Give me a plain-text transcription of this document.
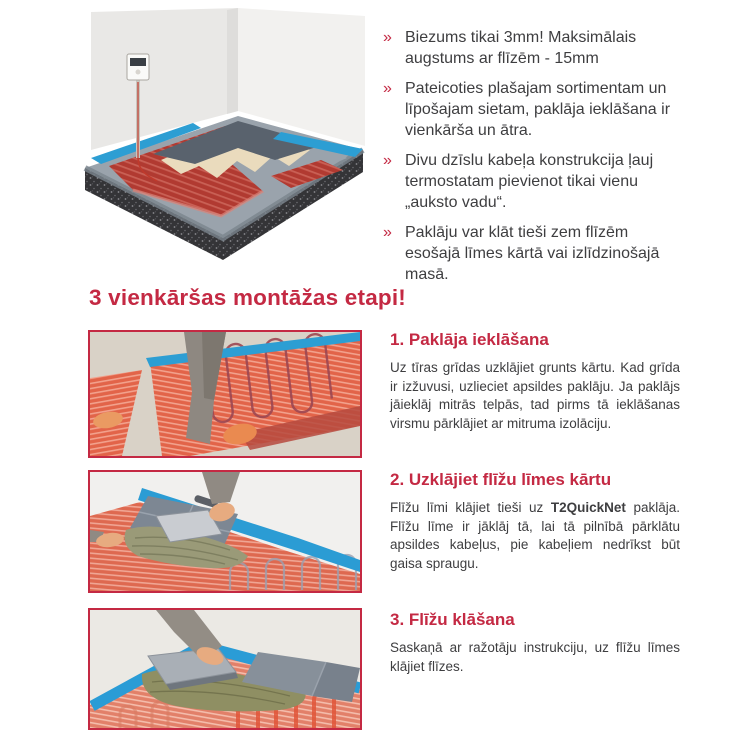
» Biezums tikai 3mm! Maksimālais augstums ar flīzēm - 15mm
» Pateicoties plašajam sortimentam un līpošajam sietam, paklāja ieklāšana ir vienkārša un ātra.
» Divu dzīslu kabeļa konstrukcija ļauj termostatam pievienot tikai vienu „auksto vadu“.
» Paklāju var klāt tieši zem flīzēm esošajā līmes kārtā vai izlīdzinošajā masā.
3 vienkāršas montāžas etapi!
1. Paklāja ieklāšana

Uz tīras grīdas uzklājiet grunts kārtu. Kad grīda ir izžuvusi, uzlieciet apsildes paklāju. Ja paklājs jāieklāj mitrās telpās, tad pirms tā ieklāšanas virsmu pārklājiet ar mitruma izolāciju.

2. Uzklājiet flīžu līmes kārtu

Flīžu līmi klājiet tieši uz T2QuickNet paklāja. Flīžu līme ir jāklāj tā, lai tā pilnībā pārklātu apsildes kabeļus, pie kabeļiem nedrīkst būt gaisa spraugu.

3. Flīžu klāšana

Saskaņā ar ražotāju instrukciju, uz flīžu līmes klājiet flīzes.
